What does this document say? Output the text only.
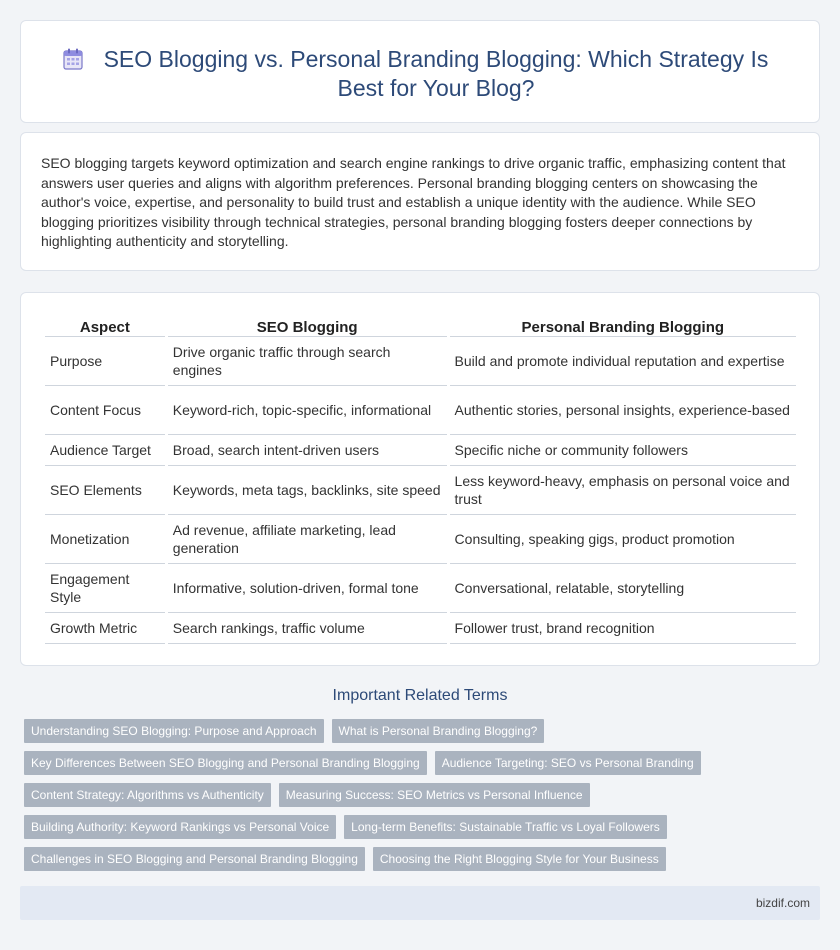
SEO Blogging vs. Personal Branding Blogging: Which Strategy Is Best for Your Blog?

SEO blogging targets keyword optimization and search engine rankings to drive organic traffic, emphasizing content that answers user queries and aligns with algorithm preferences. Personal branding blogging centers on showcasing the author's voice, expertise, and personality to build trust and establish a unique identity with the audience. While SEO blogging prioritizes visibility through technical strategies, personal branding blogging fosters deeper connections by highlighting authenticity and storytelling.

Aspect	SEO Blogging	Personal Branding Blogging
Purpose	Drive organic traffic through search engines	Build and promote individual reputation and expertise
Content Focus	Keyword-rich, topic-specific, informational	Authentic stories, personal insights, experience-based
Audience Target	Broad, search intent-driven users	Specific niche or community followers
SEO Elements	Keywords, meta tags, backlinks, site speed	Less keyword-heavy, emphasis on personal voice and trust
Monetization	Ad revenue, affiliate marketing, lead generation	Consulting, speaking gigs, product promotion
Engagement Style	Informative, solution-driven, formal tone	Conversational, relatable, storytelling
Growth Metric	Search rankings, traffic volume	Follower trust, brand recognition
Important Related Terms
Understanding SEO Blogging: Purpose and Approach	What is Personal Branding Blogging?
Key Differences Between SEO Blogging and Personal Branding Blogging	Audience Targeting: SEO vs Personal Branding
Content Strategy: Algorithms vs Authenticity	Measuring Success: SEO Metrics vs Personal Influence
Building Authority: Keyword Rankings vs Personal Voice	Long-term Benefits: Sustainable Traffic vs Loyal Followers
Challenges in SEO Blogging and Personal Branding Blogging	Choosing the Right Blogging Style for Your Business
bizdif.com
